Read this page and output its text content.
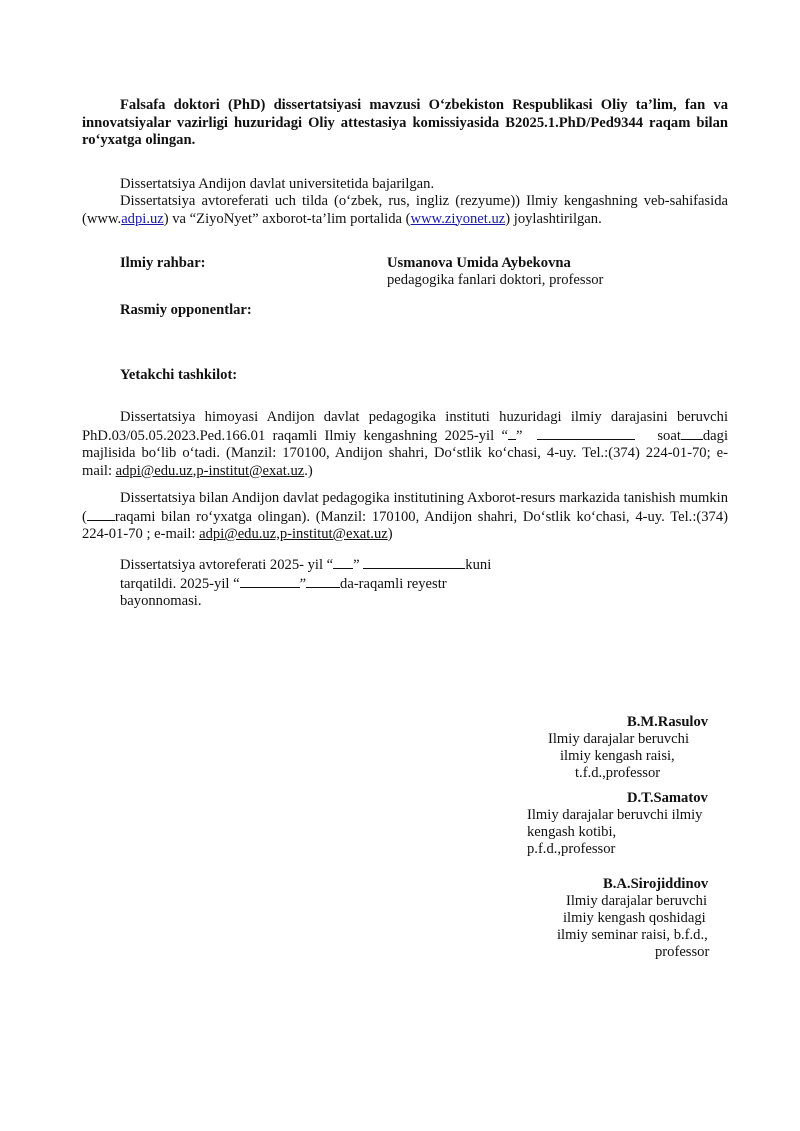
Falsafa doktori (PhD) dissertatsiyasi mavzusi O‘zbekiston Respublikasi Oliy ta’lim, fan va innovatsiyalar vazirligi huzuridagi Oliy attestasiya komissiyasida B2025.1.PhD/Ped9344 raqam bilan ro‘yxatga olingan.
Dissertatsiya Andijon davlat universitetida bajarilgan.
Dissertatsiya avtoreferati uch tilda (o‘zbek, rus, ingliz (rezyume)) Ilmiy kengashning veb-sahifasida (www.adpi.uz) va “ZiyoNyet” axborot-ta’lim portalida (www.ziyonet.uz) joylashtirilgan.
Ilmiy rahbar:	Usmanova Umida Aybekovna
pedagogika fanlari doktori, professor
Rasmiy opponentlar:
Yetakchi tashkilot:
Dissertatsiya himoyasi Andijon davlat pedagogika instituti huzuridagi ilmiy darajasini beruvchi PhD.03/05.05.2023.Ped.166.01 raqamli Ilmiy kengashning 2025-yil “ ”	soat dagi majlisida bo‘lib o‘tadi. (Manzil: 170100, Andijon shahri, Do‘stlik ko‘chasi, 4-uy. Tel.:(374) 224-01-70; e- mail: adpi@edu.uz,p-institut@exat.uz.)
Dissertatsiya bilan Andijon davlat pedagogika institutining Axborot-resurs markazida tanishish mumkin ( raqami bilan ro‘yxatga olingan). (Manzil: 170100, Andijon shahri, Do‘stlik ko‘chasi, 4-uy. Tel.:(374) 224-01-70 ; e-mail: adpi@edu.uz,p-institut@exat.uz)
Dissertatsiya avtoreferati 2025- yil “ ”	kuni
tarqatildi. 2025-yil “	” da-raqamli reyestr
bayonnomasi.
B.M.Rasulov
Ilmiy darajalar beruvchi
ilmiy kengash raisi,
t.f.d.,professor
D.T.Samatov
Ilmiy darajalar beruvchi ilmiy
kengash kotibi,
p.f.d.,professor
B.A.Sirojiddinov
Ilmiy darajalar beruvchi
ilmiy kengash qoshidagi
ilmiy seminar raisi, b.f.d.,
professor
